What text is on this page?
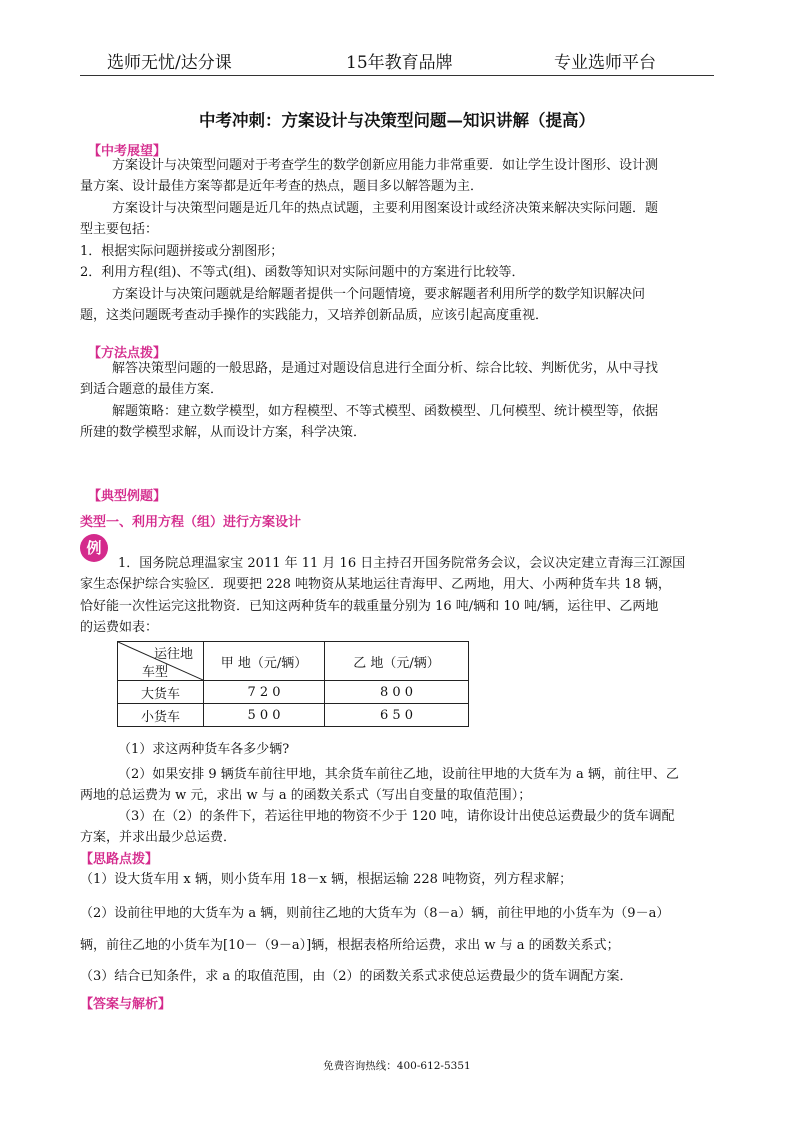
选师无忧/达分课	15年教育品牌	专业选师平台
中考冲刺：方案设计与决策型问题—知识讲解（提高）
【中考展望】
方案设计与决策型问题对于考查学生的数学创新应用能力非常重要．如让学生设计图形、设计测
量方案、设计最佳方案等都是近年考查的热点，题目多以解答题为主．
方案设计与决策型问题是近几年的热点试题，主要利用图案设计或经济决策来解决实际问题．题
型主要包括：
1．根据实际问题拼接或分割图形；
2．利用方程(组)、不等式(组)、函数等知识对实际问题中的方案进行比较等．
方案设计与决策问题就是给解题者提供一个问题情境，要求解题者利用所学的数学知识解决问
题，这类问题既考查动手操作的实践能力，又培养创新品质，应该引起高度重视．
【方法点拨】
解答决策型问题的一般思路，是通过对题设信息进行全面分析、综合比较、判断优劣，从中寻找
到适合题意的最佳方案．
解题策略：建立数学模型，如方程模型、不等式模型、函数模型、几何模型、统计模型等，依据
所建的数学模型求解，从而设计方案，科学决策．
【典型例题】
类型一、利用方程（组）进行方案设计
例
1．国务院总理温家宝 2011 年 11 月 16 日主持召开国务院常务会议，会议决定建立青海三江源国
家生态保护综合实验区．现要把 228 吨物资从某地运往青海甲、乙两地，用大、小两种货车共 18 辆，
恰好能一次性运完这批物资．已知这两种货车的载重量分别为 16 吨/辆和 10 吨/辆，运往甲、乙两地
的运费如表：
运往地
车型	甲 地（元/辆）	乙 地（元/辆）
大货车	7 2 0	8 0 0
小货车	5 0 0	6 5 0
（1）求这两种货车各多少辆?
（2）如果安排 9 辆货车前往甲地，其余货车前往乙地，设前往甲地的大货车为 a 辆，前往甲、乙
两地的总运费为 w 元，求出 w 与 a 的函数关系式（写出自变量的取值范围）；
（3）在（2）的条件下，若运往甲地的物资不少于 120 吨，请你设计出使总运费最少的货车调配
方案，并求出最少总运费．
【思路点拨】
（1）设大货车用 x 辆，则小货车用 18－x 辆，根据运输 228 吨物资，列方程求解；
（2）设前往甲地的大货车为 a 辆，则前往乙地的大货车为（8－a）辆，前往甲地的小货车为（9－a）
辆，前往乙地的小货车为[10－（9－a）]辆，根据表格所给运费，求出 w 与 a 的函数关系式；
（3）结合已知条件，求 a 的取值范围，由（2）的函数关系式求使总运费最少的货车调配方案．
【答案与解析】
免费咨询热线：400-612-5351
